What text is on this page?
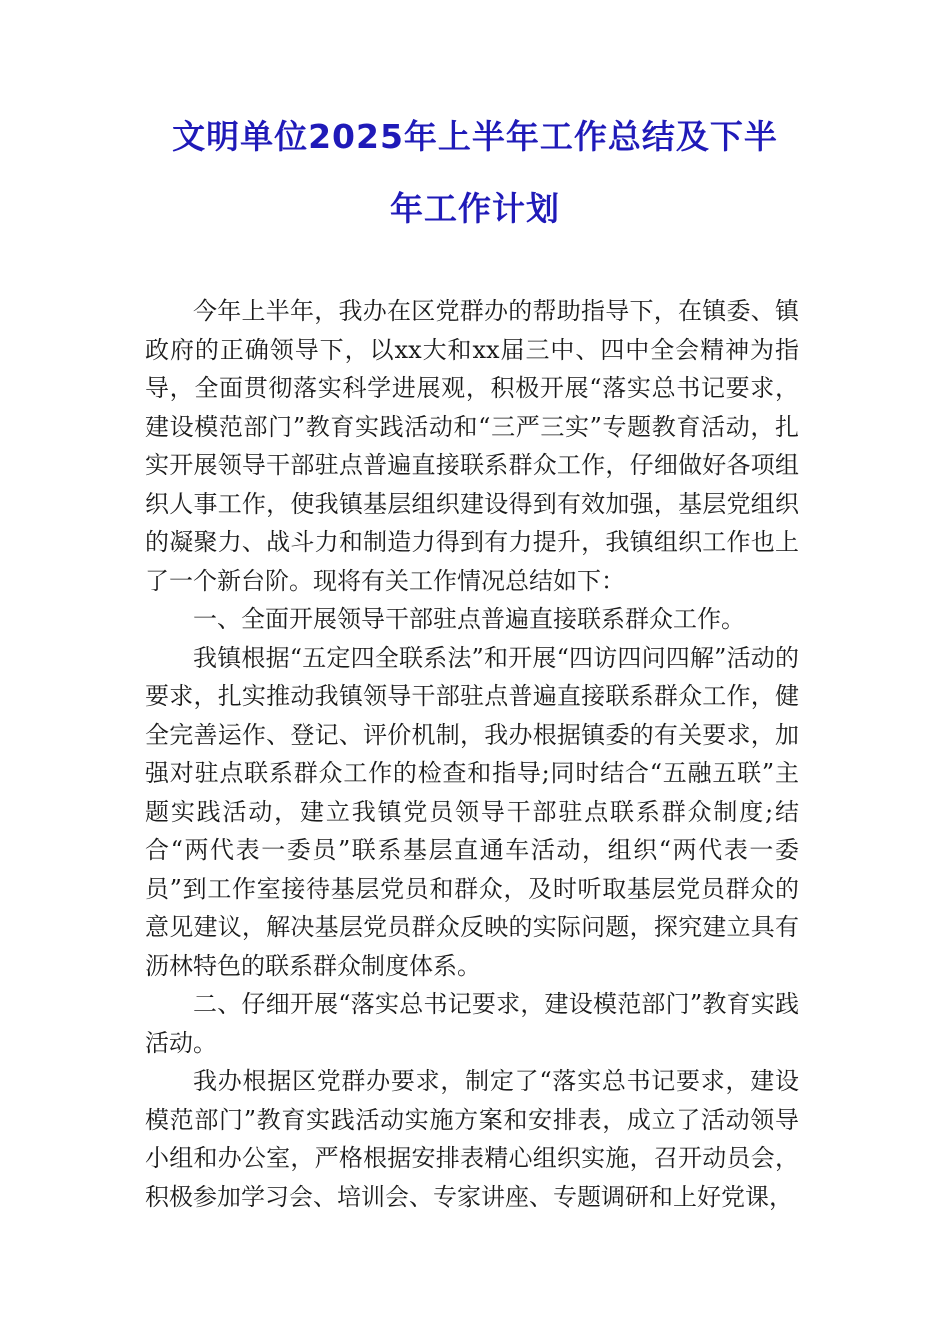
文明单位2025年上半年工作总结及下半
年工作计划

今年上半年，我办在区党群办的帮助指导下，在镇委、镇政府的正确领导下，以xx大和xx届三中、四中全会精神为指导，全面贯彻落实科学进展观，积极开展“落实总书记要求，建设模范部门”教育实践活动和“三严三实”专题教育活动，扎实开展领导干部驻点普遍直接联系群众工作，仔细做好各项组织人事工作，使我镇基层组织建设得到有效加强，基层党组织的凝聚力、战斗力和制造力得到有力提升，我镇组织工作也上了一个新台阶。现将有关工作情况总结如下：

一、全面开展领导干部驻点普遍直接联系群众工作。

我镇根据“五定四全联系法”和开展“四访四问四解”活动的要求，扎实推动我镇领导干部驻点普遍直接联系群众工作，健全完善运作、登记、评价机制，我办根据镇委的有关要求，加强对驻点联系群众工作的检查和指导;同时结合“五融五联”主题实践活动，建立我镇党员领导干部驻点联系群众制度;结合“两代表一委员”联系基层直通车活动，组织“两代表一委员”到工作室接待基层党员和群众，及时听取基层党员群众的意见建议，解决基层党员群众反映的实际问题，探究建立具有沥林特色的联系群众制度体系。

二、仔细开展“落实总书记要求，建设模范部门”教育实践活动。

我办根据区党群办要求，制定了“落实总书记要求，建设模范部门”教育实践活动实施方案和安排表，成立了活动领导小组和办公室，严格根据安排表精心组织实施，召开动员会，积极参加学习会、培训会、专家讲座、专题调研和上好党课，
